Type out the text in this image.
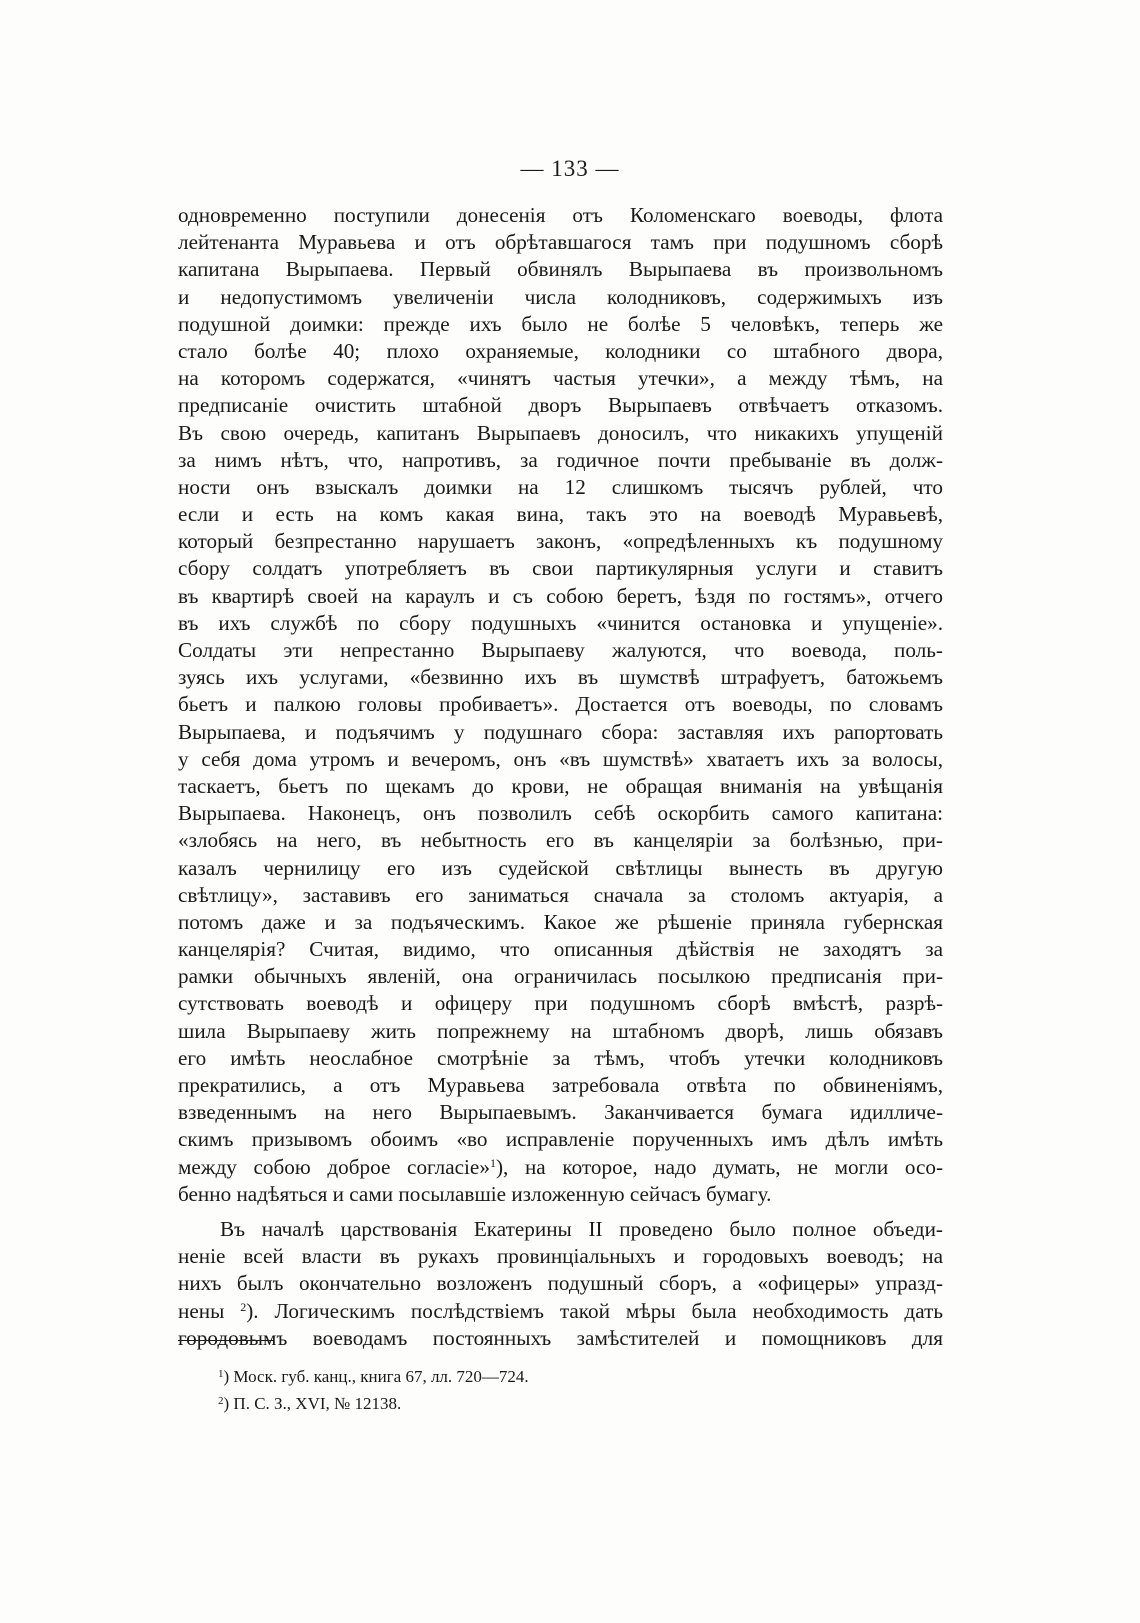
— 133 —
одновременно поступили донесенія отъ Коломенскаго воеводы, флота
лейтенанта Муравьева и отъ обрѣтавшагося тамъ при подушномъ сборѣ
капитана Вырыпаева. Первый обвинялъ Вырыпаева въ произвольномъ
и недопустимомъ увеличеніи числа колодниковъ, содержимыхъ изъ
подушной доимки: прежде ихъ было не болѣе 5 человѣкъ, теперь же
стало болѣе 40; плохо охраняемые, колодники со штабного двора,
на которомъ содержатся, «чинятъ частыя утечки», а между тѣмъ, на
предписаніе очистить штабной дворъ Вырыпаевъ отвѣчаетъ отказомъ.
Въ свою очередь, капитанъ Вырыпаевъ доносилъ, что никакихъ упущеній
за нимъ нѣтъ, что, напротивъ, за годичное почти пребываніе въ долж-
ности онъ взыскалъ доимки на 12 слишкомъ тысячъ рублей, что
если и есть на комъ какая вина, такъ это на воеводѣ Муравьевѣ,
который безпрестанно нарушаетъ законъ, «опредѣленныхъ къ подушному
сбору солдатъ употребляетъ въ свои партикулярныя услуги и ставитъ
въ квартирѣ своей на караулъ и съ собою беретъ, ѣздя по гостямъ», отчего
въ ихъ службѣ по сбору подушныхъ «чинится остановка и упущеніе».
Солдаты эти непрестанно Вырыпаеву жалуются, что воевода, поль-
зуясь ихъ услугами, «безвинно ихъ въ шумствѣ штрафуетъ, батожьемъ
бьетъ и палкою головы пробиваетъ». Достается отъ воеводы, по словамъ
Вырыпаева, и подъячимъ у подушнаго сбора: заставляя ихъ рапортовать
у себя дома утромъ и вечеромъ, онъ «въ шумствѣ» хватаетъ ихъ за волосы,
таскаетъ, бьетъ по щекамъ до крови, не обращая вниманія на увѣщанія
Вырыпаева. Наконецъ, онъ позволилъ себѣ оскорбить самого капитана:
«злобясь на него, въ небытность его въ канцеляріи за болѣзнью, при-
казалъ чернилицу его изъ судейской свѣтлицы вынесть въ другую
свѣтлицу», заставивъ его заниматься сначала за столомъ актуарія, а
потомъ даже и за подъяческимъ. Какое же рѣшеніе приняла губернская
канцелярія? Считая, видимо, что описанныя дѣйствія не заходятъ за
рамки обычныхъ явленій, она ограничилась посылкою предписанія при-
сутствовать воеводѣ и офицеру при подушномъ сборѣ вмѣстѣ, разрѣ-
шила Вырыпаеву жить попрежнему на штабномъ дворѣ, лишь обязавъ
его имѣть неослабное смотрѣніе за тѣмъ, чтобъ утечки колодниковъ
прекратились, а отъ Муравьева затребовала отвѣта по обвиненіямъ,
взведеннымъ на него Вырыпаевымъ. Заканчивается бумага идилличе-
скимъ призывомъ обоимъ «во исправленіе порученныхъ имъ дѣлъ имѣть
между собою доброе согласіе»$^1$), на которое, надо думать, не могли осо-
бенно надѣяться и сами посылавшіе изложенную сейчасъ бумагу.
Въ началѣ царствованія Екатерины II проведено было полное объеди-
неніе всей власти въ рукахъ провинціальныхъ и городовыхъ воеводъ; на
нихъ былъ окончательно возложенъ подушный сборъ, а «офицеры» упразд-
нены $^2$). Логическимъ послѣдствіемъ такой мѣры была необходимость дать
городовымъ воеводамъ постоянныхъ замѣстителей и помощниковъ для
$^1$) Моск. губ. канц., книга 67, лл. 720—724.
$^2$) П. С. З., XVI, № 12138.
